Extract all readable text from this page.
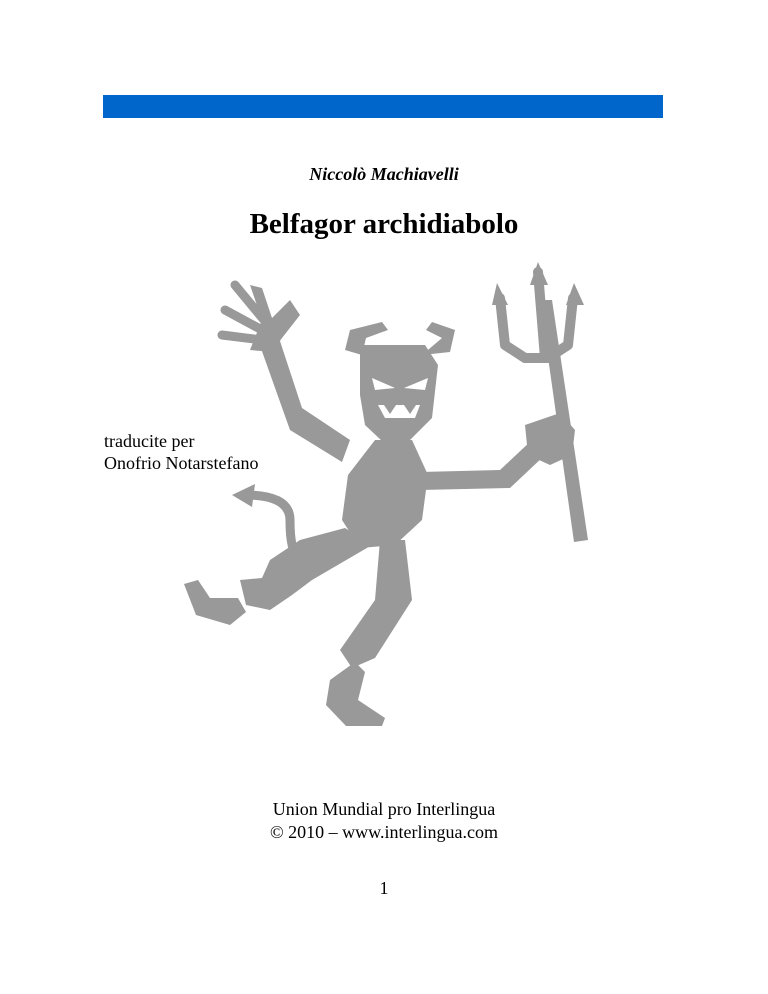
Niccolò Machiavelli
Belfagor archidiabolo
traducite per
Onofrio Notarstefano
Union Mundial pro Interlingua
© 2010 – www.interlingua.com
1
